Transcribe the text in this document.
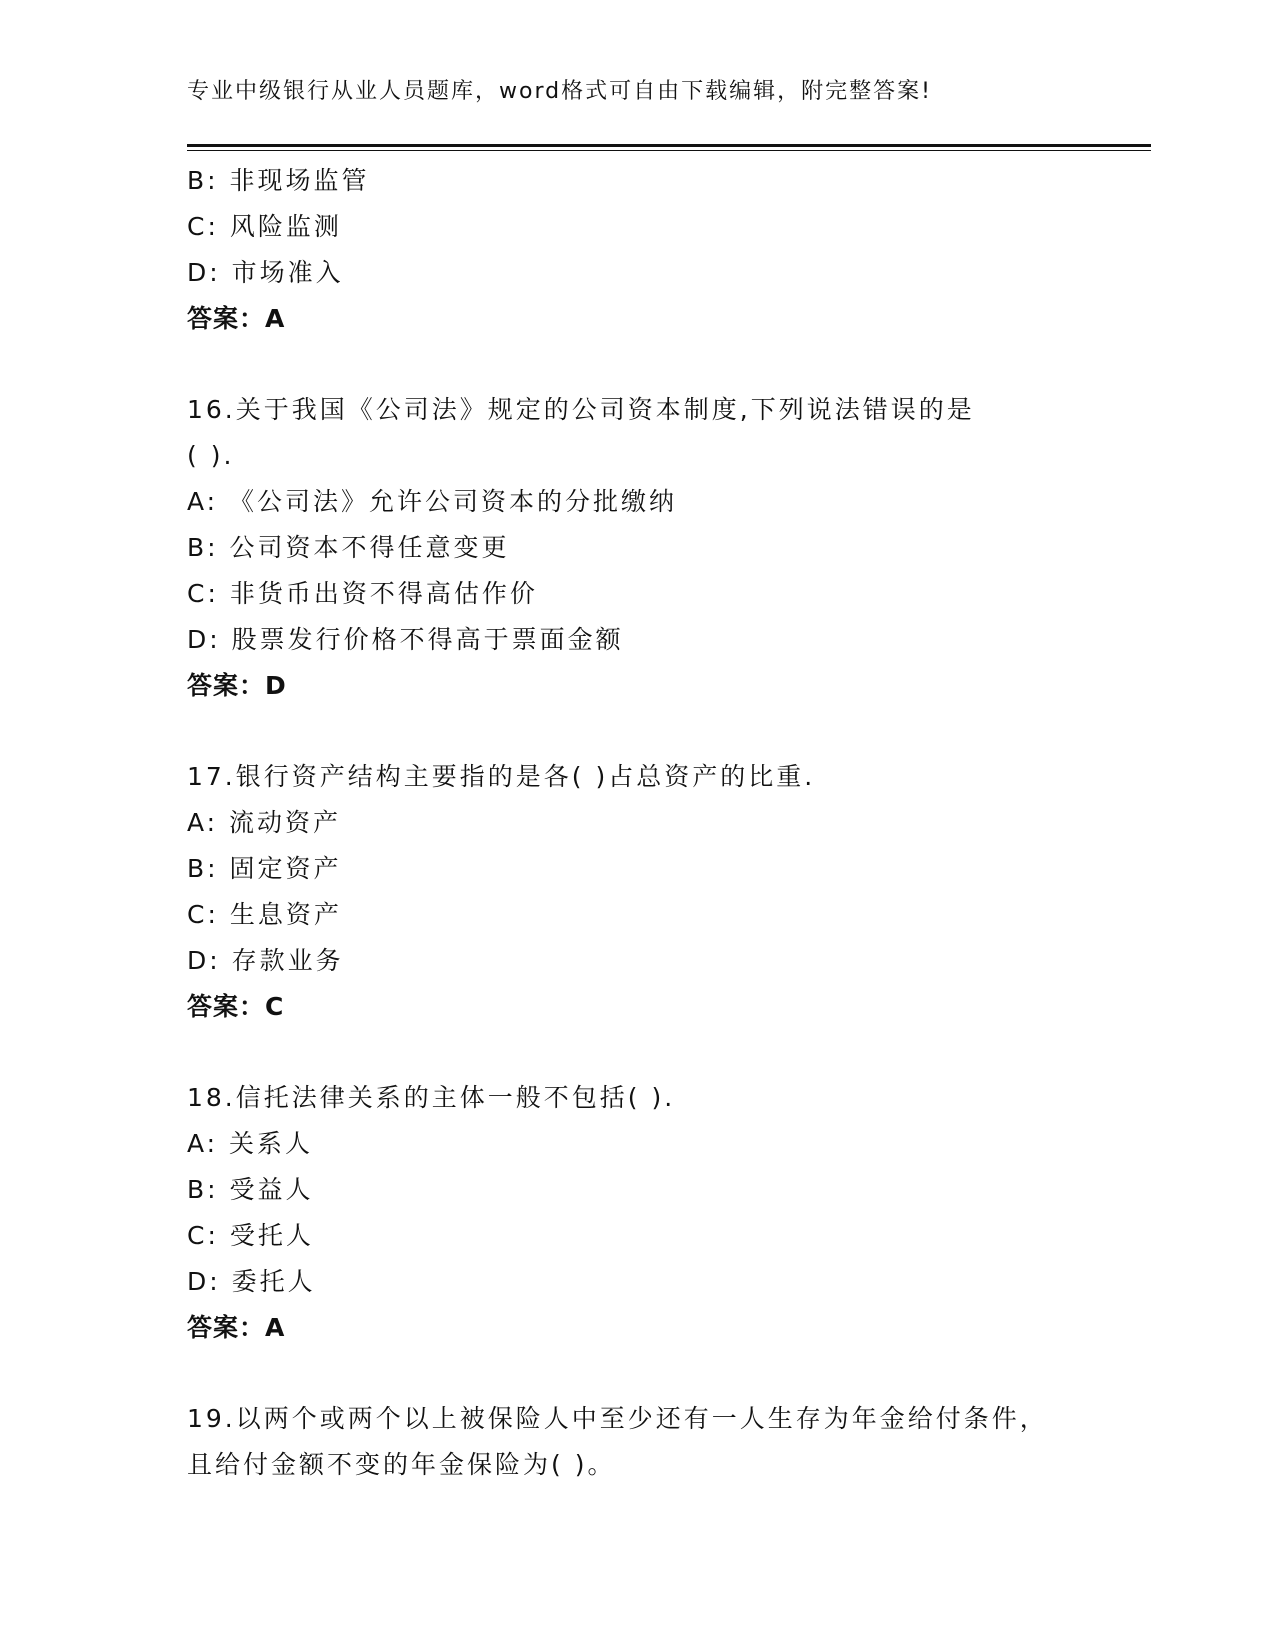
专业中级银行从业人员题库，word格式可自由下载编辑，附完整答案!
B: 非现场监管
C: 风险监测
D: 市场准入
答案：A
16.关于我国《公司法》规定的公司资本制度,下列说法错误的是
( ).
A: 《公司法》允许公司资本的分批缴纳
B: 公司资本不得任意变更
C: 非货币出资不得高估作价
D: 股票发行价格不得高于票面金额
答案：D
17.银行资产结构主要指的是各( )占总资产的比重.
A: 流动资产
B: 固定资产
C: 生息资产
D: 存款业务
答案：C
18.信托法律关系的主体一般不包括( ).
A: 关系人
B: 受益人
C: 受托人
D: 委托人
答案：A
19.以两个或两个以上被保险人中至少还有一人生存为年金给付条件，
且给付金额不变的年金保险为( )。
